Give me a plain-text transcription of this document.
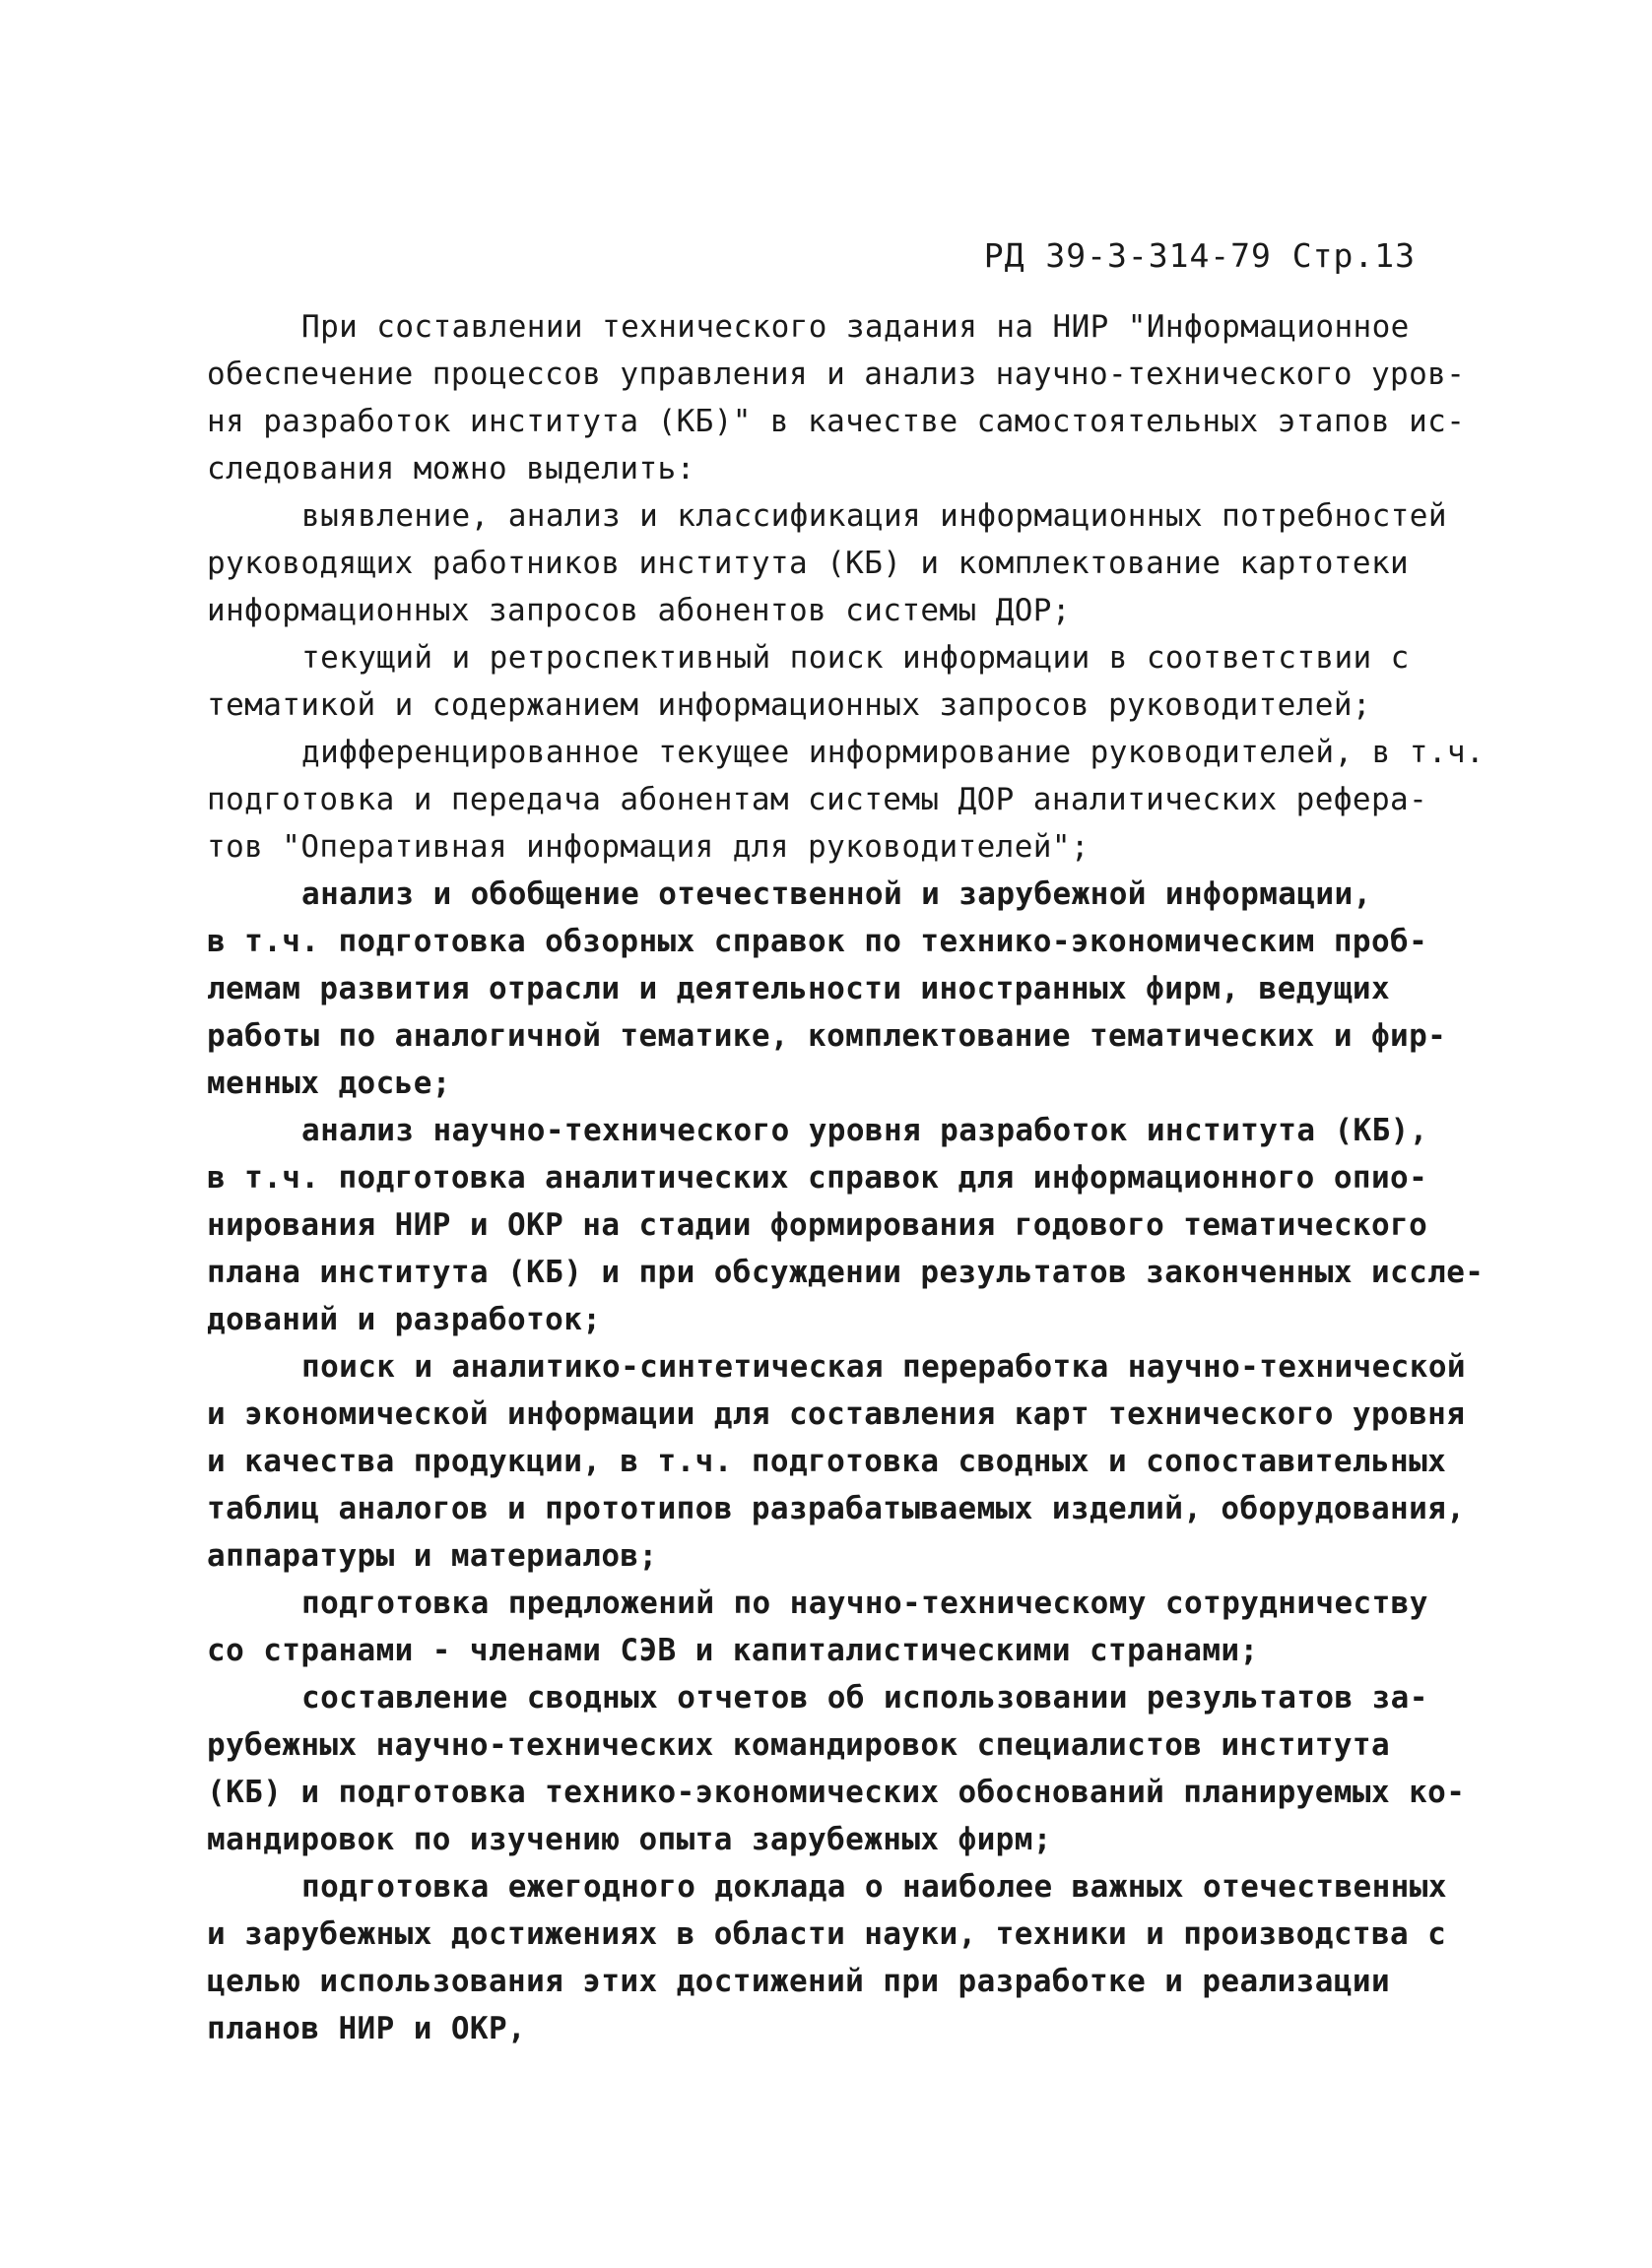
РД 39-3-314-79 Стр.13
При составлении технического задания на НИР "Информационное
обеспечение процессов управления и анализ научно-технического уров-
ня разработок института (КБ)" в качестве самостоятельных этапов ис-
следования можно выделить:
выявление, анализ и классификация информационных потребностей
руководящих работников института (КБ) и комплектование картотеки
информационных запросов абонентов системы ДОР;
текущий и ретроспективный поиск информации в соответствии с
тематикой и содержанием информационных запросов руководителей;
дифференцированное текущее информирование руководителей, в т.ч.
подготовка и передача абонентам системы ДОР аналитических рефера-
тов "Оперативная информация для руководителей";
анализ и обобщение отечественной и зарубежной информации,
в т.ч. подготовка обзорных справок по технико-экономическим проб-
лемам развития отрасли и деятельности иностранных фирм, ведущих
работы по аналогичной тематике, комплектование тематических и фир-
менных досье;
анализ научно-технического уровня разработок института (КБ),
в т.ч. подготовка аналитических справок для информационного опио-
нирования НИР и ОКР на стадии формирования годового тематического
плана института (КБ) и при обсуждении результатов законченных иссле-
дований и разработок;
поиск и аналитико-синтетическая переработка научно-технической
и экономической информации для составления карт технического уровня
и качества продукции, в т.ч. подготовка сводных и сопоставительных
таблиц аналогов и прототипов разрабатываемых изделий, оборудования,
аппаратуры и материалов;
подготовка предложений по научно-техническому сотрудничеству
со странами - членами СЭВ и капиталистическими странами;
составление сводных отчетов об использовании результатов за-
рубежных научно-технических командировок специалистов института
(КБ) и подготовка технико-экономических обоснований планируемых ко-
мандировок по изучению опыта зарубежных фирм;
подготовка ежегодного доклада о наиболее важных отечественных
и зарубежных достижениях в области науки, техники и производства с
целью использования этих достижений при разработке и реализации
планов НИР и ОКР,
